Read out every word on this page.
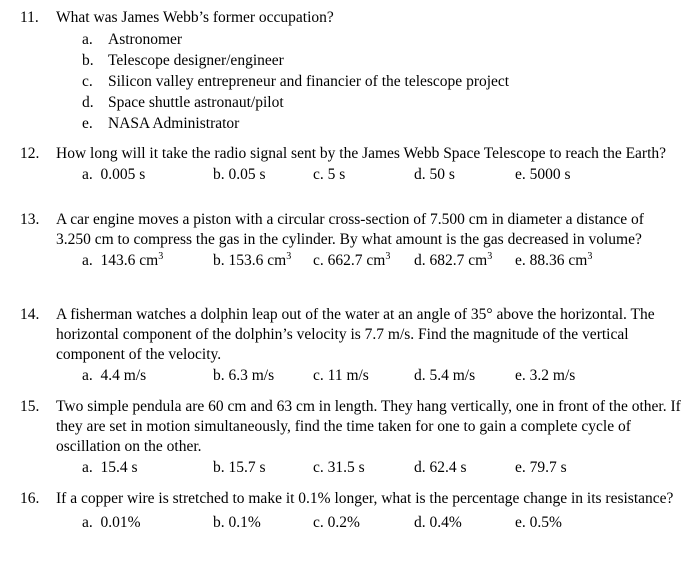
11.	What was James Webb’s former occupation?
a. Astronomer
b. Telescope designer/engineer
c. Silicon valley entrepreneur and financier of the telescope project
d. Space shuttle astronaut/pilot
e. NASA Administrator
12.	How long will it take the radio signal sent by the James Webb Space Telescope to reach the Earth?
a. 0.005 s	b. 0.05 s	c. 5 s	d. 50 s	e. 5000 s
13.	A car engine moves a piston with a circular cross-section of 7.500 cm in diameter a distance of 3.250 cm to compress the gas in the cylinder. By what amount is the gas decreased in volume?
a. 143.6 $cm^3$	b. 153.6 $cm^3$ c. 662.7 $cm^3$ d. 682.7 $cm^3$ e. 88.36 $cm^3$
14.	A fisherman watches a dolphin leap out of the water at an angle of 35° above the horizontal. The horizontal component of the dolphin’s velocity is 7.7 m/s. Find the magnitude of the vertical component of the velocity.
a. 4.4 m/s	b. 6.3 m/s	c. 11 m/s	d. 5.4 m/s	e. 3.2 m/s
15.	Two simple pendula are 60 cm and 63 cm in length. They hang vertically, one in front of the other. If they are set in motion simultaneously, find the time taken for one to gain a complete cycle of oscillation on the other.
a. 15.4 s	b. 15.7 s	c. 31.5 s	d. 62.4 s	e. 79.7 s
16.	If a copper wire is stretched to make it 0.1% longer, what is the percentage change in its resistance?
a. 0.01%	b. 0.1%	c. 0.2%	d. 0.4%	e. 0.5%
